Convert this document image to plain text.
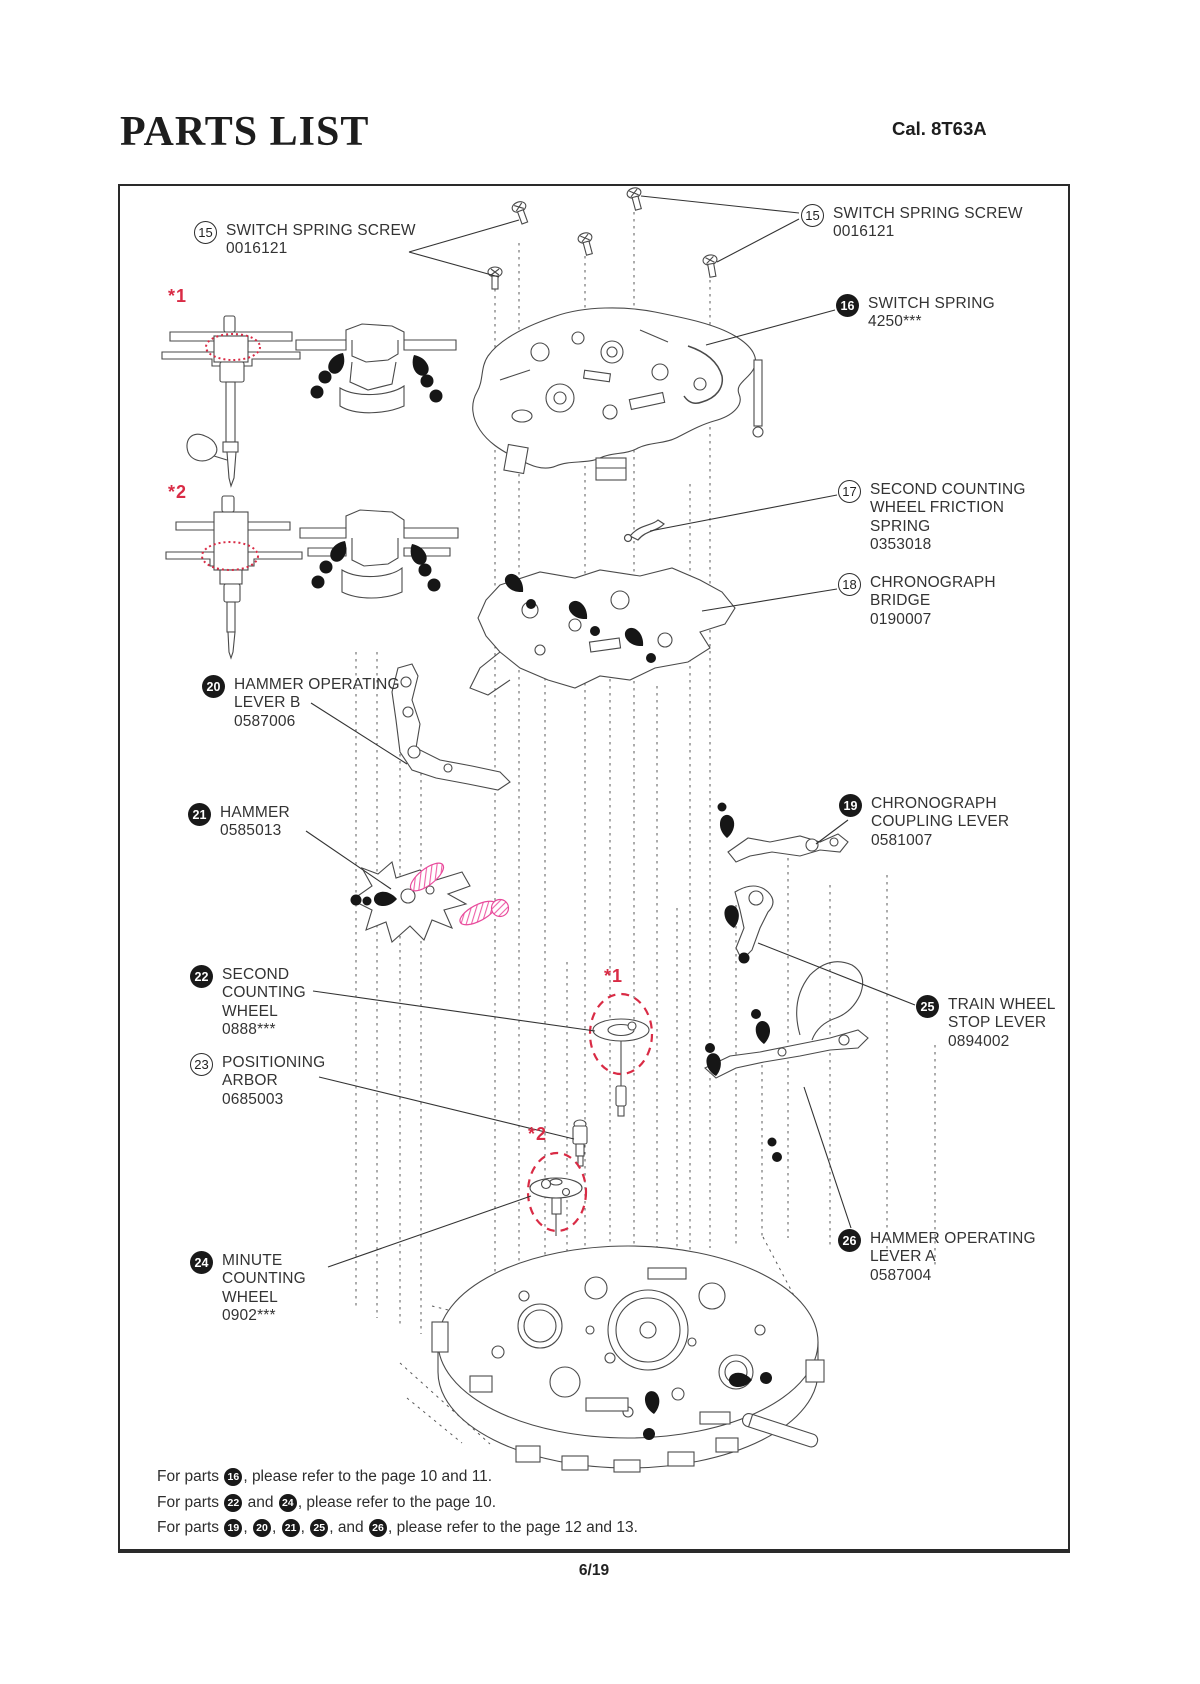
PARTS LIST	Cal. 8T63A
15 SWITCH SPRING SCREW
0016121
15 SWITCH SPRING SCREW
0016121
16 SWITCH SPRING
4250***
17 SECOND COUNTING
WHEEL FRICTION
SPRING
0353018
18 CHRONOGRAPH
BRIDGE
0190007
20 HAMMER OPERATING
LEVER B
0587006
21 HAMMER
0585013
19 CHRONOGRAPH
COUPLING LEVER
0581007
22 SECOND
COUNTING
WHEEL
0888***
25 TRAIN WHEEL
STOP LEVER
0894002
23 POSITIONING
ARBOR
0685003
24 MINUTE
COUNTING
WHEEL
0902***
26 HAMMER OPERATING
LEVER A
0587004
*1
*2
*1
*2
For parts 16 , please refer to the page 10 and 11.
For parts 22 and 24 , please refer to the page 10.
For parts 19 , 20 , 21 , 25 , and 26 , please refer to the page 12 and 13.
6/19
